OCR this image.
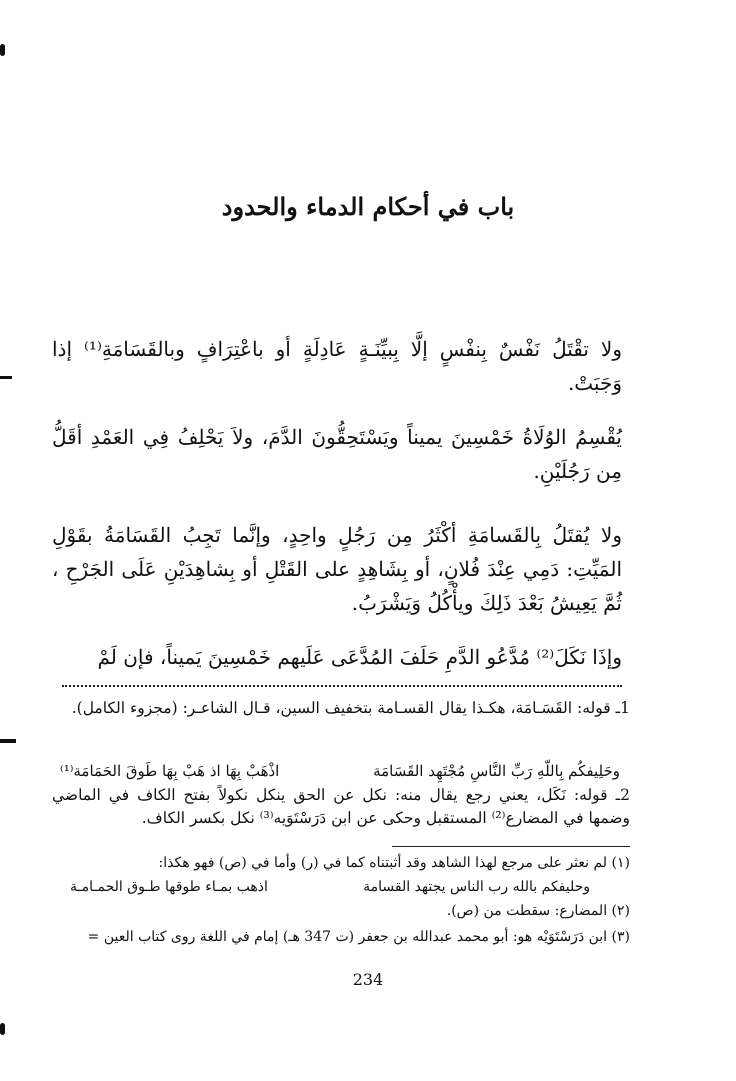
باب في أحكام الدماء والحدود
ولا تقْتَلُ نَفْسٌ بِنفْسٍ إلَّا بِبيِّنَـةٍ عَادِلَةٍ أو باعْتِرَافٍ وبالقَسَامَةِ⁽¹⁾ إذا وَجَبَتْ.
يُقْسِمُ الوُلَاةُ خَمْسِينَ يميناً ويَسْتَحِقُّونَ الدَّمَ، ولاَ يَحْلِفُ فِي العَمْدِ أقَلُّ مِن رَجُلَيْنِ.
ولا يُقتَلُ بِالقَسامَةِ أكْثَرُ مِن رَجُلٍ واحِدٍ، وإنَّما تَجِبُ القَسَامَةُ بقَوْلِ المَيِّتِ: دَمِي عِنْدَ فُلانٍ، أو بِشَاهِدٍ على القَتْلِ أو بِشاهِدَيْنِ عَلَى الجَرْحِ ، ثُمَّ يَعِيشُ بَعْدَ ذَلِكَ ويأْكُلُ وَيَشْرَبُ.
وإذَا نَكَلَ⁽²⁾ مُدَّعُو الدَّمِ حَلَفَ المُدَّعَى عَلَيهم خَمْسِينَ يَميناً، فإن لَمْ
1ـ قوله: القَسَـامَة، هكـذا يقال القسـامة بتخفيف السين، قـال الشاعـر: (مجزوء الكامل).
وحَلِيفكُم بِاللّهِ رَبِّ النَّاسِ مُجْتَهِد القَسَامَة
اذْهَبْ بِهَا اذ هَبْ بِهَا طَوقَ الحَمَامَة⁽¹⁾
2ـ قوله: نَكَل، يعني رجع يقال منه: نكل عن الحق ينكل نكولاً بفتح الكاف في الماضي وضمها في المضارع⁽²⁾ المستقبل وحكى عن ابن دَرَسْتَوَيه⁽³⁾ نكل بكسر الكاف.
(١) لم نعثر على مرجع لهذا الشاهد وقد أثبتناه كما في (ر) وأما في (ص) فهو هكذا:
وحليفكم بالله رب الناس يجتهد القسامة
اذهب بمـاء طوقها طـوق الحمـامـة
(٢) المضارع: سقطت من (ص).
(٣) ابن دَرَسْتَوَيْه هو: أبو محمد عبدالله بن جعفر (ت 347 هـ) إمام في اللغة روى كتاب العين =
234
